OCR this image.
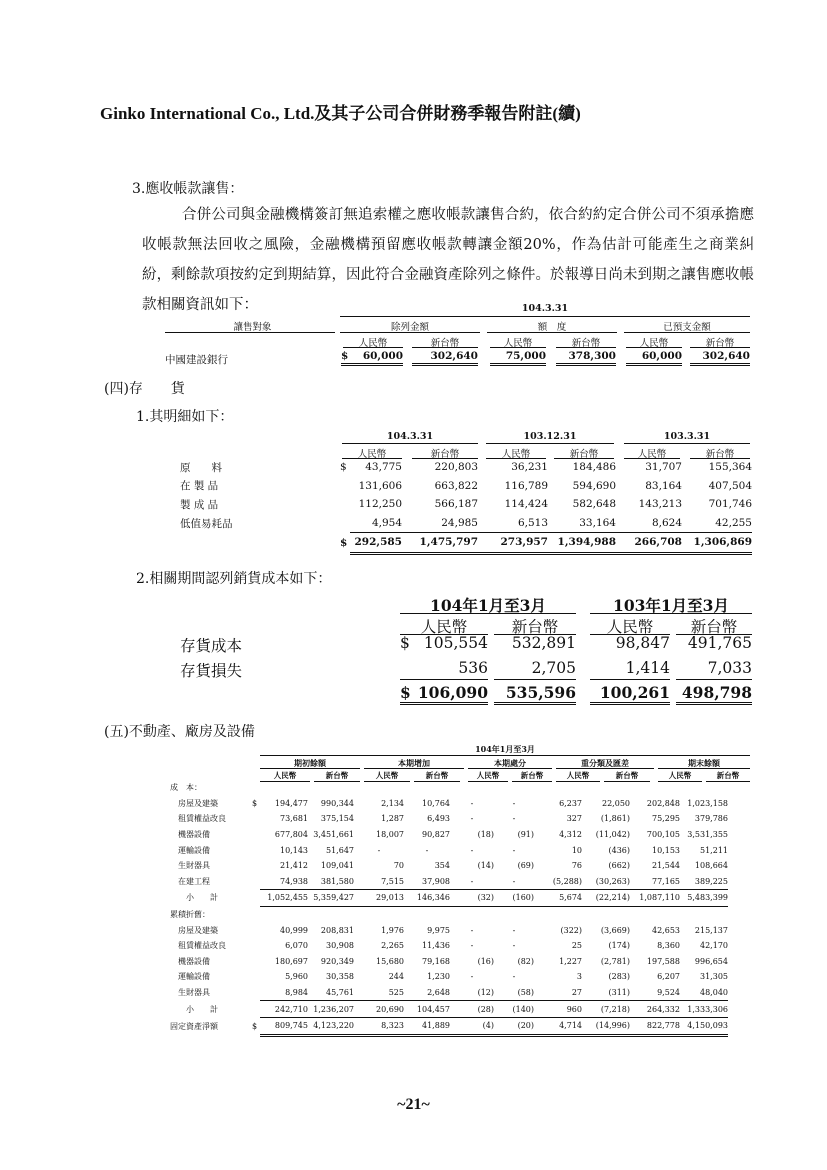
Ginko International Co., Ltd.及其子公司合併財務季報告附註(續)
3.應收帳款讓售：
合併公司與金融機構簽訂無追索權之應收帳款讓售合約，依合約約定合併公司不須承擔應收帳款無法回收之風險，金融機構預留應收帳款轉讓金額20%，作為估計可能產生之商業糾紛，剩餘款項按約定到期結算，因此符合金融資產除列之條件。於報導日尚未到期之讓售應收帳款相關資訊如下：	104.3.31
讓售對象	除列金額	額　度	已預支金額
人民幣	新台幣	人民幣	新台幣	人民幣	新台幣
中國建設銀行	$	60,000	302,640	75,000	378,300	60,000	302,640
(四)存　　貨
1.其明細如下：
104.3.31	103.12.31	103.3.31
人民幣	新台幣	人民幣	新台幣	人民幣	新台幣
原　　料	$	43,775	220,803	36,231	184,486	31,707	155,364
在 製 品		131,606	663,822	116,789	594,690	83,164	407,504
製 成 品		112,250	566,187	114,424	582,648	143,213	701,746
低值易耗品		4,954	24,985	6,513	33,164	8,624	42,255
	$	292,585	1,475,797	273,957	1,394,988	266,708	1,306,869
2.相關期間認列銷貨成本如下：
104年1月至3月	103年1月至3月
人民幣	新台幣	人民幣	新台幣
存貨成本	$ 105,554	532,891	98,847	491,765
存貨損失	536	2,705	1,414	7,033
$ 106,090	535,596	100,261 498,798
(五)不動產、廠房及設備
104年1月至3月
期初餘額	本期增加	本期處分	重分類及匯差	期末餘額
人民幣	新台幣	人民幣	新台幣	人民幣	新台幣	人民幣	新台幣	人民幣	新台幣
成　本：											
房屋及建築	$	194,477	990,344	2,134	10,764	-	-	6,237	22,050	202,848	1,023,158
租賃權益改良		73,681	375,154	1,287	6,493	-	-	327	(1,861)	75,295	379,786
機器設備		677,804	3,451,661	18,007	90,827	(18)	(91)	4,312	(11,042)	700,105	3,531,355
運輸設備		10,143	51,647	-	-	-	-	10	(436)	10,153	51,211
生財器具		21,412	109,041	70	354	(14)	(69)	76	(662)	21,544	108,664
在建工程		74,938	381,580	7,515	37,908	-	-	(5,288)	(30,263)	77,165	389,225
小　　計		1,052,455	5,359,427	29,013	146,346	(32)	(160)	5,674	(22,214)	1,087,110	5,483,399
累積折舊：											
房屋及建築		40,999	208,831	1,976	9,975	-	-	(322)	(3,669)	42,653	215,137
租賃權益改良		6,070	30,908	2,265	11,436	-	-	25	(174)	8,360	42,170
機器設備		180,697	920,349	15,680	79,168	(16)	(82)	1,227	(2,781)	197,588	996,654
運輸設備		5,960	30,358	244	1,230	-	-	3	(283)	6,207	31,305
生財器具		8,984	45,761	525	2,648	(12)	(58)	27	(311)	9,524	48,040
小　　計		242,710	1,236,207	20,690	104,457	(28)	(140)	960	(7,218)	264,332	1,333,306
固定資產淨額	$	809,745	4,123,220	8,323	41,889	(4)	(20)	4,714	(14,996)	822,778	4,150,093
~21~
